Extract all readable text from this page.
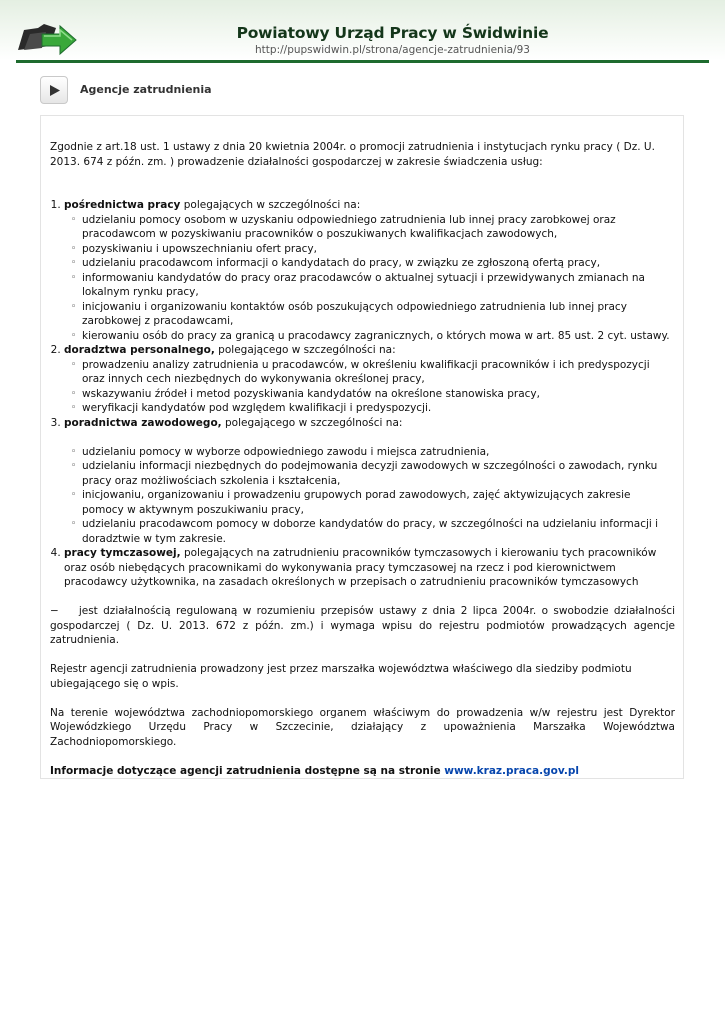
Powiatowy Urząd Pracy w Świdwinie
http://pupswidwin.pl/strona/agencje-zatrudnienia/93
Agencje zatrudnienia

Zgodnie z art.18 ust. 1 ustawy z dnia 20 kwietnia 2004r. o promocji zatrudnienia i instytucjach rynku pracy ( Dz. U. 2013. 674 z późn. zm. ) prowadzenie działalności gospodarczej w zakresie świadczenia usług:

1. pośrednictwa pracy polegających w szczególności na:
◦ udzielaniu pomocy osobom w uzyskaniu odpowiedniego zatrudnienia lub innej pracy zarobkowej oraz pracodawcom w pozyskiwaniu pracowników o poszukiwanych kwalifikacjach zawodowych,
◦ pozyskiwaniu i upowszechnianiu ofert pracy,
◦ udzielaniu pracodawcom informacji o kandydatach do pracy, w związku ze zgłoszoną ofertą pracy,
◦ informowaniu kandydatów do pracy oraz pracodawców o aktualnej sytuacji i przewidywanych zmianach na lokalnym rynku pracy,
◦ inicjowaniu i organizowaniu kontaktów osób poszukujących odpowiedniego zatrudnienia lub innej pracy zarobkowej z pracodawcami,
◦ kierowaniu osób do pracy za granicą u pracodawcy zagranicznych, o których mowa w art. 85 ust. 2 cyt. ustawy.
2. doradztwa personalnego, polegającego w szczególności na:
◦ prowadzeniu analizy zatrudnienia u pracodawców, w określeniu kwalifikacji pracowników i ich predyspozycji oraz innych cech niezbędnych do wykonywania określonej pracy,
◦ wskazywaniu źródeł i metod pozyskiwania kandydatów na określone stanowiska pracy,
◦ weryfikacji kandydatów pod względem kwalifikacji i predyspozycji.
3. poradnictwa zawodowego, polegającego w szczególności na:
◦ udzielaniu pomocy w wyborze odpowiedniego zawodu i miejsca zatrudnienia,
◦ udzielaniu informacji niezbędnych do podejmowania decyzji zawodowych w szczególności o zawodach, rynku pracy oraz możliwościach szkolenia i kształcenia,
◦ inicjowaniu, organizowaniu i prowadzeniu grupowych porad zawodowych, zajęć aktywizujących zakresie pomocy w aktywnym poszukiwaniu pracy,
◦ udzielaniu pracodawcom pomocy w doborze kandydatów do pracy, w szczególności na udzielaniu informacji i doradztwie w tym zakresie.
4. pracy tymczasowej, polegających na zatrudnieniu pracowników tymczasowych i kierowaniu tych pracowników oraz osób niebędących pracownikami do wykonywania pracy tymczasowej na rzecz i pod kierownictwem pracodawcy użytkownika, na zasadach określonych w przepisach o zatrudnieniu pracowników tymczasowych

− jest działalnością regulowaną w rozumieniu przepisów ustawy z dnia 2 lipca 2004r. o swobodzie działalności gospodarczej ( Dz. U. 2013. 672 z późn. zm.) i wymaga wpisu do rejestru podmiotów prowadzących agencje zatrudnienia.

Rejestr agencji zatrudnienia prowadzony jest przez marszałka województwa właściwego dla siedziby podmiotu ubiegającego się o wpis.

Na terenie województwa zachodniopomorskiego organem właściwym do prowadzenia w/w rejestru jest Dyrektor Wojewódzkiego Urzędu Pracy w Szczecinie, działający z upoważnienia Marszałka Województwa Zachodniopomorskiego.

Informacje dotyczące agencji zatrudnienia dostępne są na stronie www.kraz.praca.gov.pl
